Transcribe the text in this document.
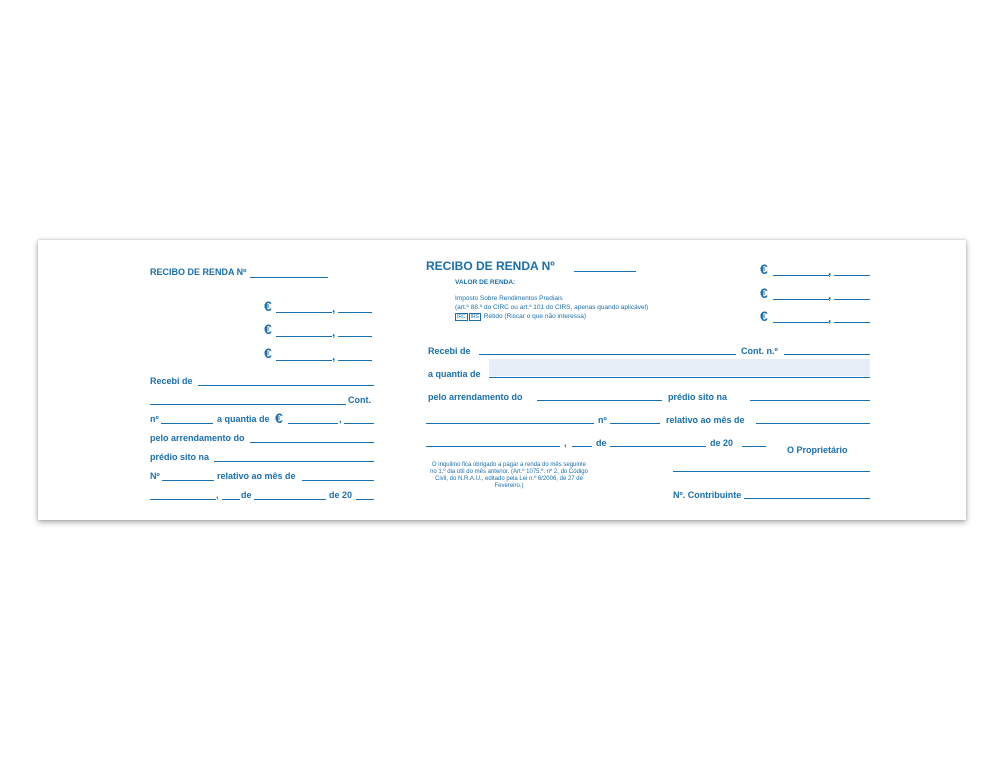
RECIBO DE RENDA Nº
€	,
€	,
€	,
Recebi de
Cont.
nº	a quantia de €	,
pelo arrendamento do
prédio sito na
Nº	relativo ao mês de
, de	de 20
RECIBO DE RENDA Nº
VALOR DE RENDA:
Imposto Sobre Rendimentos Prediais
(art.º 88.º do CIRC ou art.º 101 do CIRS, apenas quando aplicável)
IRC IRS Retido (Riscar o que não interessa)
€	,
€	,
€	,
Recebi de	Cont. n.º
a quantia de
pelo arrendamento do	prédio sito na
nº	relativo ao mês de
,	de	de 20
O Proprietário
O inquilino fica obrigado a pagar a renda do mês seguinte no 1.º dia útil do mês anterior. (Art.º 1075.º, nº 2, do Código Civil, do N.R.A.U., editado pela Lei n.º 6/2006, de 27 de Fevereiro.)
Nº. Contribuinte
